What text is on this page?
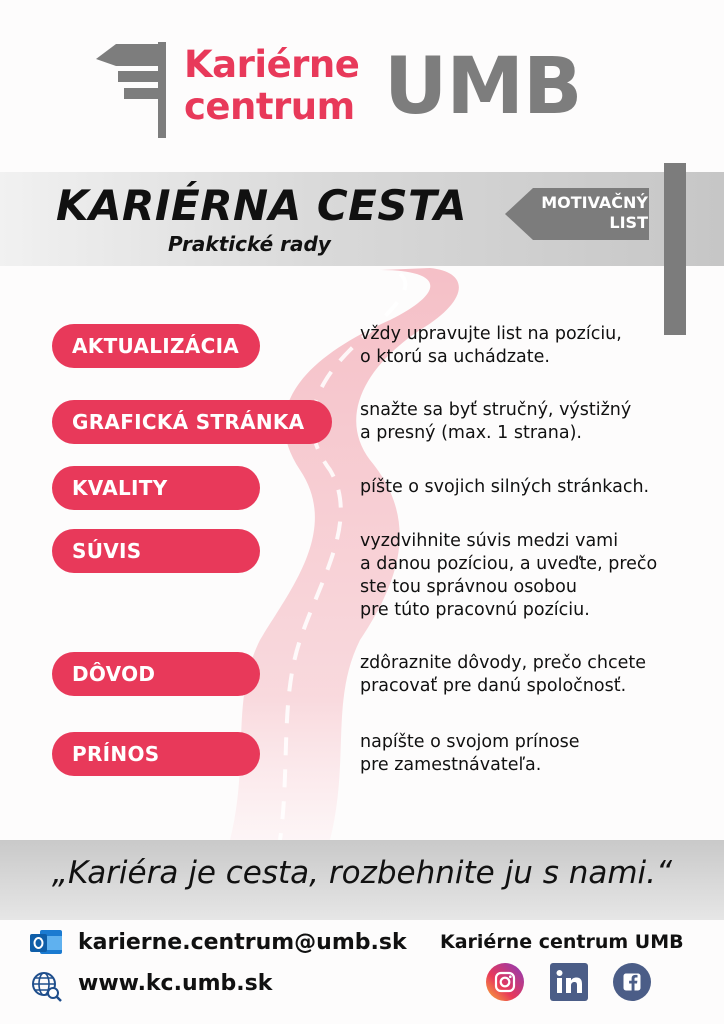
Kariérne
centrum UMB
KARIÉRNA CESTA
Praktické rady
MOTIVAČNÝ
LIST
AKTUALIZÁCIA	vždy upravujte list na pozíciu,
o ktorú sa uchádzate.
GRAFICKÁ STRÁNKA	snažte sa byť stručný, výstižný
a presný (max. 1 strana).
KVALITY	píšte o svojich silných stránkach.
SÚVIS	vyzdvihnite súvis medzi vami
a danou pozíciou, a uveďte, prečo
ste tou správnou osobou
pre túto pracovnú pozíciu.
DÔVOD	zdôraznite dôvody, prečo chcete
pracovať pre danú spoločnosť.
PRÍNOS	napíšte o svojom prínose
pre zamestnávateľa.
„Kariéra je cesta, rozbehnite ju s nami.“
karierne.centrum@umb.sk
www.kc.umb.sk
Kariérne centrum UMB
